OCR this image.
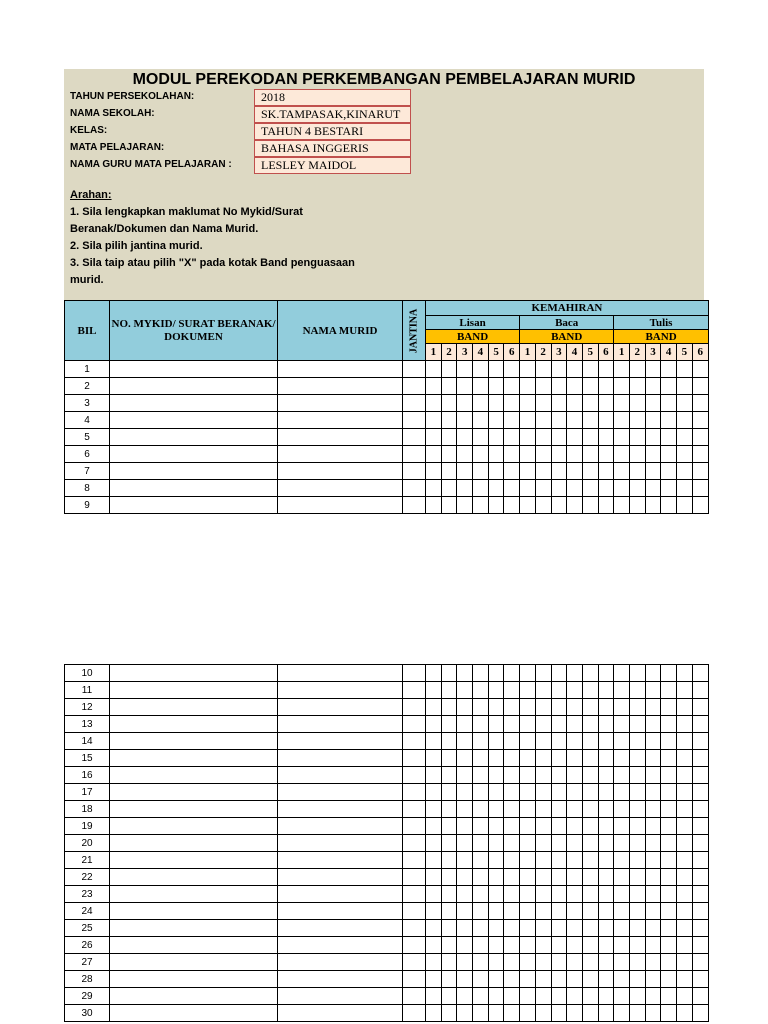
MODUL PEREKODAN PERKEMBANGAN PEMBELAJARAN MURID
TAHUN PERSEKOLAHAN:	2018
NAMA SEKOLAH:	SK.TAMPASAK,KINARUT
KELAS:	TAHUN 4 BESTARI
MATA PELAJARAN:	BAHASA INGGERIS
NAMA GURU MATA PELAJARAN :	LESLEY MAIDOL
Arahan:
1. Sila lengkapkan maklumat No Mykid/Surat
Beranak/Dokumen dan Nama Murid.
2. Sila pilih jantina murid.
3. Sila taip atau pilih "X" pada kotak Band penguasaan
murid.
BIL	NO. MYKID/ SURAT BERANAK/ DOKUMEN	NAMA MURID	JANTINA	KEMAHIRAN																	
				Lisan						Baca						Tulis					
				BAND						BAND						BAND					
				1	2	3	4	5	6	1	2	3	4	5	6	1	2	3	4	5	6
1																					
2																					
3																					
4																					
5																					
6																					
7																					
8																					
9																					
10																					
11																					
12																					
13																					
14																					
15																					
16																					
17																					
18																					
19																					
20																					
21																					
22																					
23																					
24																					
25																					
26																					
27																					
28																					
29																					
30																					
